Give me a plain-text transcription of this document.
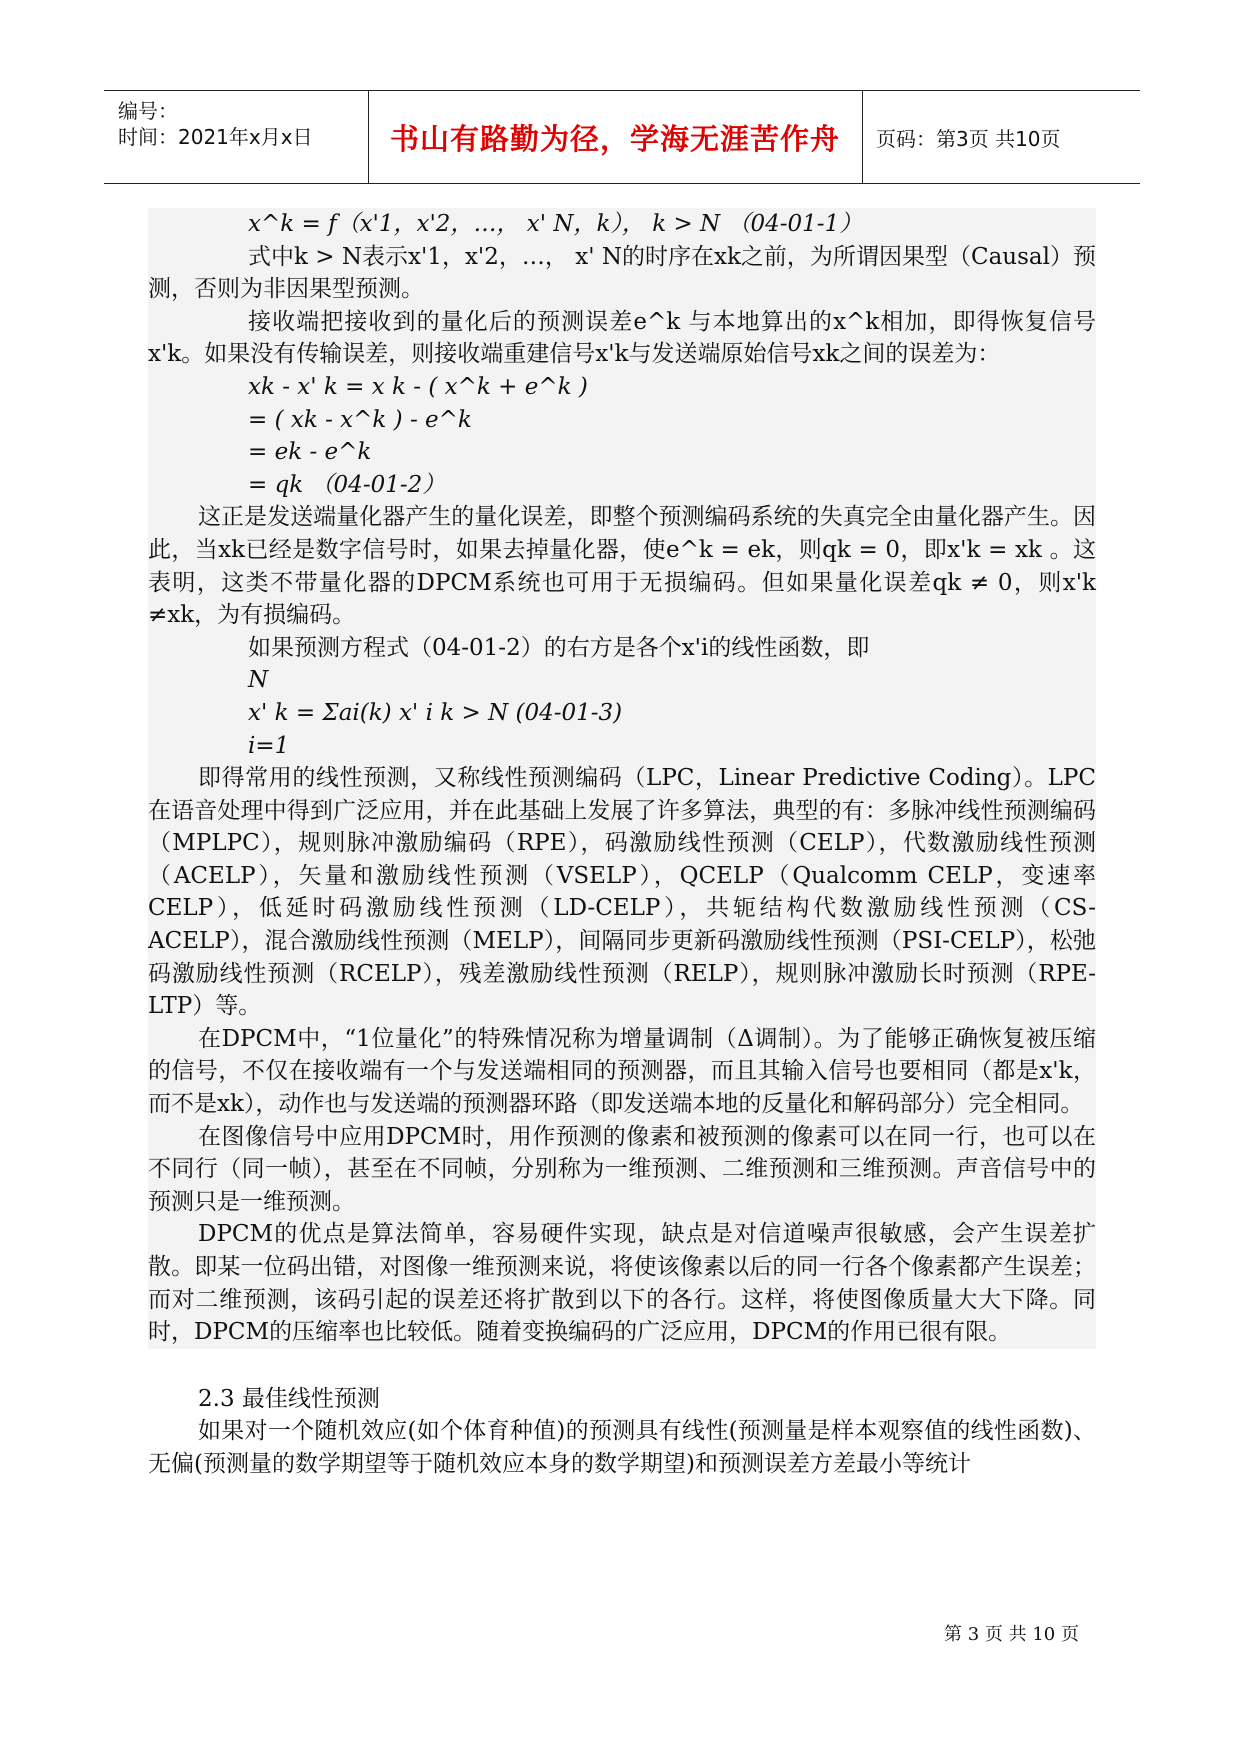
编号：
时间：2021年x月x日	书山有路勤为径，学海无涯苦作舟 页码：第3页 共10页

x^k = f（x'1，x'2，…， x' N，k）， k > N （04-01-1）

式中k > N表示x'1，x'2，…， x' N的时序在xk之前，为所谓因果型（Causal）预测，否则为非因果型预测。

接收端把接收到的量化后的预测误差e^k 与本地算出的x^k相加，即得恢复信号x'k。如果没有传输误差，则接收端重建信号x'k与发送端原始信号xk之间的误差为：

xk - x' k = x k - ( x^k + e^k )

= ( xk - x^k ) - e^k

= ek - e^k

= qk （04-01-2）

这正是发送端量化器产生的量化误差，即整个预测编码系统的失真完全由量化器产生。因此，当xk已经是数字信号时，如果去掉量化器，使e^k = ek，则qk = 0，即x'k = xk 。这表明，这类不带量化器的DPCM系统也可用于无损编码。但如果量化误差qk ≠ 0，则x'k ≠xk，为有损编码。

如果预测方程式（04-01-2）的右方是各个x'i的线性函数，即

N

x' k = Σai(k) x' i k > N (04-01-3)

i=1

即得常用的线性预测，又称线性预测编码（LPC，Linear Predictive Coding）。LPC在语音处理中得到广泛应用，并在此基础上发展了许多算法，典型的有：多脉冲线性预测编码（MPLPC），规则脉冲激励编码（RPE），码激励线性预测（CELP），代数激励线性预测（ACELP），矢量和激励线性预测（VSELP），QCELP（Qualcomm CELP，变速率CELP），低延时码激励线性预测（LD-CELP），共轭结构代数激励线性预测（CS-ACELP），混合激励线性预测（MELP），间隔同步更新码激励线性预测（PSI-CELP），松弛码激励线性预测（RCELP），残差激励线性预测（RELP），规则脉冲激励长时预测（RPE-LTP）等。

在DPCM中，“1位量化”的特殊情况称为增量调制（Δ调制）。为了能够正确恢复被压缩的信号，不仅在接收端有一个与发送端相同的预测器，而且其输入信号也要相同（都是x'k，而不是xk），动作也与发送端的预测器环路（即发送端本地的反量化和解码部分）完全相同。

在图像信号中应用DPCM时，用作预测的像素和被预测的像素可以在同一行，也可以在不同行（同一帧），甚至在不同帧，分别称为一维预测、二维预测和三维预测。声音信号中的预测只是一维预测。

DPCM的优点是算法简单，容易硬件实现，缺点是对信道噪声很敏感，会产生误差扩散。即某一位码出错，对图像一维预测来说，将使该像素以后的同一行各个像素都产生误差；而对二维预测，该码引起的误差还将扩散到以下的各行。这样，将使图像质量大大下降。同时，DPCM的压缩率也比较低。随着变换编码的广泛应用，DPCM的作用已很有限。

2.3 最佳线性预测

如果对一个随机效应(如个体育种值)的预测具有线性(预测量是样本观察值的线性函数)、无偏(预测量的数学期望等于随机效应本身的数学期望)和预测误差方差最小等统计

第 3 页 共 10 页
